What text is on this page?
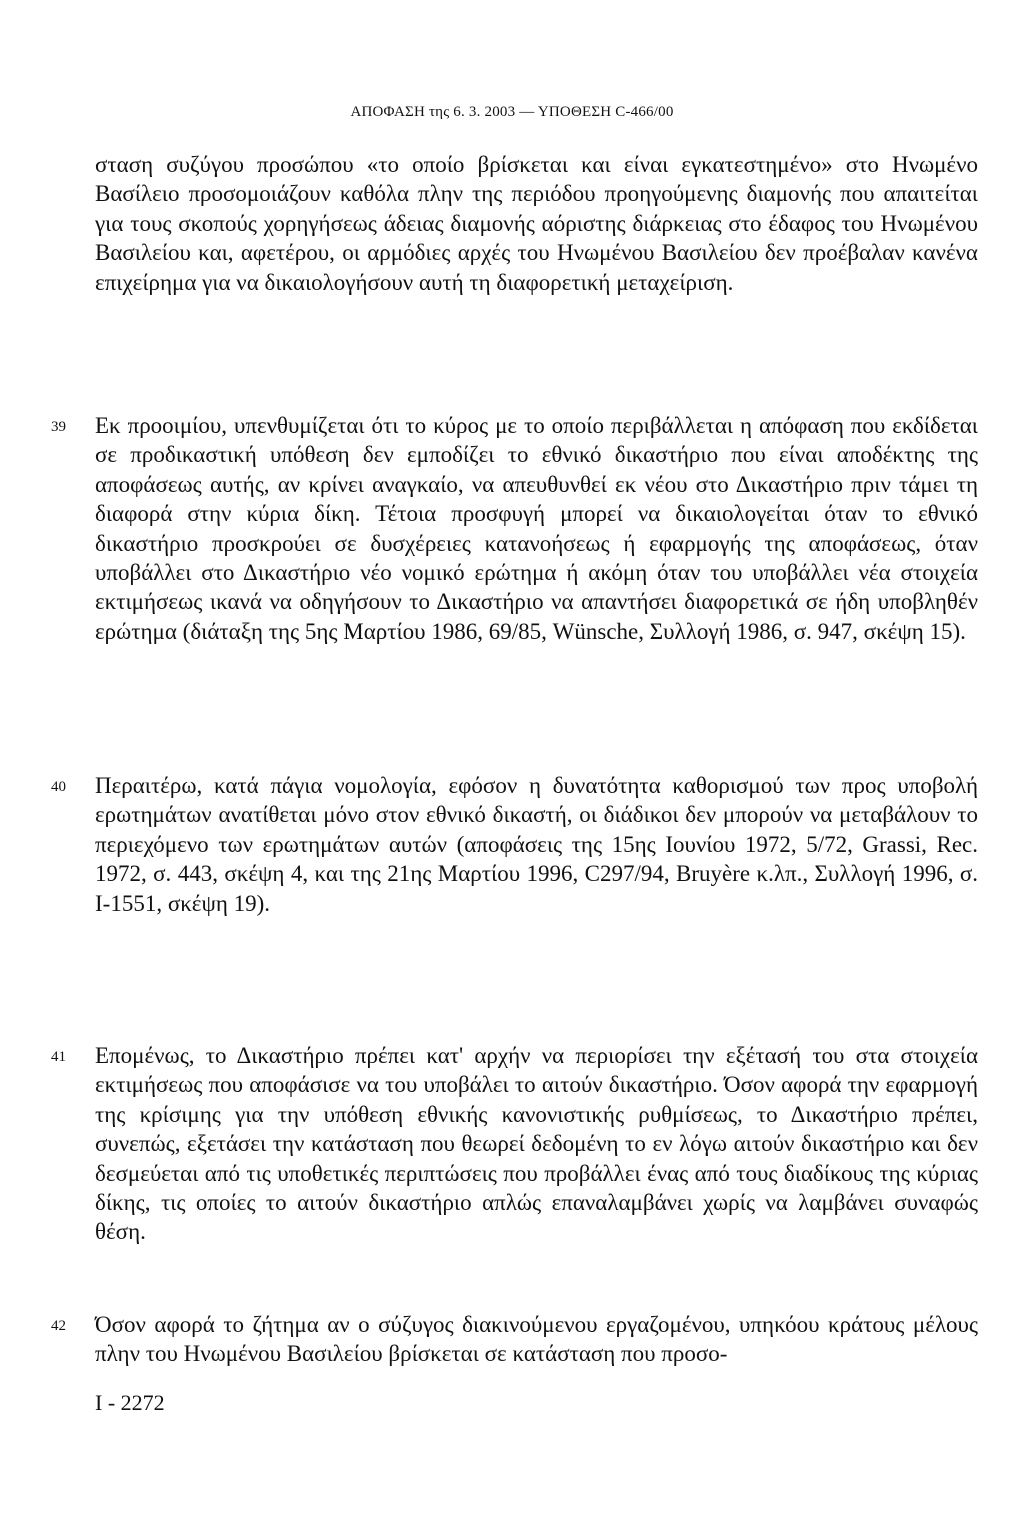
ΑΠΟΦΑΣΗ της 6. 3. 2003 — ΥΠΟΘΕΣΗ C-466/00
σταση συζύγου προσώπου «το οποίο βρίσκεται και είναι εγκατεστημένο» στο Ηνωμένο Βασίλειο προσομοιάζουν καθόλα πλην της περιόδου προηγούμενης διαμονής που απαιτείται για τους σκοπούς χορηγήσεως άδειας διαμονής αόριστης διάρκειας στο έδαφος του Ηνωμένου Βασιλείου και, αφετέρου, οι αρμόδιες αρχές του Ηνωμένου Βασιλείου δεν προέβαλαν κανένα επιχείρημα για να δικαιολογήσουν αυτή τη διαφορετική μεταχείριση.
39 Εκ προοιμίου, υπενθυμίζεται ότι το κύρος με το οποίο περιβάλλεται η απόφαση που εκδίδεται σε προδικαστική υπόθεση δεν εμποδίζει το εθνικό δικαστήριο που είναι αποδέκτης της αποφάσεως αυτής, αν κρίνει αναγκαίο, να απευθυνθεί εκ νέου στο Δικαστήριο πριν τάμει τη διαφορά στην κύρια δίκη. Τέτοια προσφυγή μπορεί να δικαιολογείται όταν το εθνικό δικαστήριο προσκρούει σε δυσχέρειες κατανοήσεως ή εφαρμογής της αποφάσεως, όταν υποβάλλει στο Δικαστήριο νέο νομικό ερώτημα ή ακόμη όταν του υποβάλλει νέα στοιχεία εκτιμήσεως ικανά να οδηγήσουν το Δικαστήριο να απαντήσει διαφορετικά σε ήδη υποβληθέν ερώτημα (διάταξη της 5ης Μαρτίου 1986, 69/85, Wünsche, Συλλογή 1986, σ. 947, σκέψη 15).
40 Περαιτέρω, κατά πάγια νομολογία, εφόσον η δυνατότητα καθορισμού των προς υποβολή ερωτημάτων ανατίθεται μόνο στον εθνικό δικαστή, οι διάδικοι δεν μπορούν να μεταβάλουν το περιεχόμενο των ερωτημάτων αυτών (αποφάσεις της 15ης Ιουνίου 1972, 5/72, Grassi, Rec. 1972, σ. 443, σκέψη 4, και της 21ης Μαρτίου 1996, C297/94, Bruyère κ.λπ., Συλλογή 1996, σ. I-1551, σκέψη 19).
41 Επομένως, το Δικαστήριο πρέπει κατ' αρχήν να περιορίσει την εξέτασή του στα στοιχεία εκτιμήσεως που αποφάσισε να του υποβάλει το αιτούν δικαστήριο. Όσον αφορά την εφαρμογή της κρίσιμης για την υπόθεση εθνικής κανονιστικής ρυθμίσεως, το Δικαστήριο πρέπει, συνεπώς, εξετάσει την κατάσταση που θεωρεί δεδομένη το εν λόγω αιτούν δικαστήριο και δεν δεσμεύεται από τις υποθετικές περιπτώσεις που προβάλλει ένας από τους διαδίκους της κύριας δίκης, τις οποίες το αιτούν δικαστήριο απλώς επαναλαμβάνει χωρίς να λαμβάνει συναφώς θέση.
42 Όσον αφορά το ζήτημα αν ο σύζυγος διακινούμενου εργαζομένου, υπηκόου κράτους μέλους πλην του Ηνωμένου Βασιλείου βρίσκεται σε κατάσταση που προσο-
I - 2272
